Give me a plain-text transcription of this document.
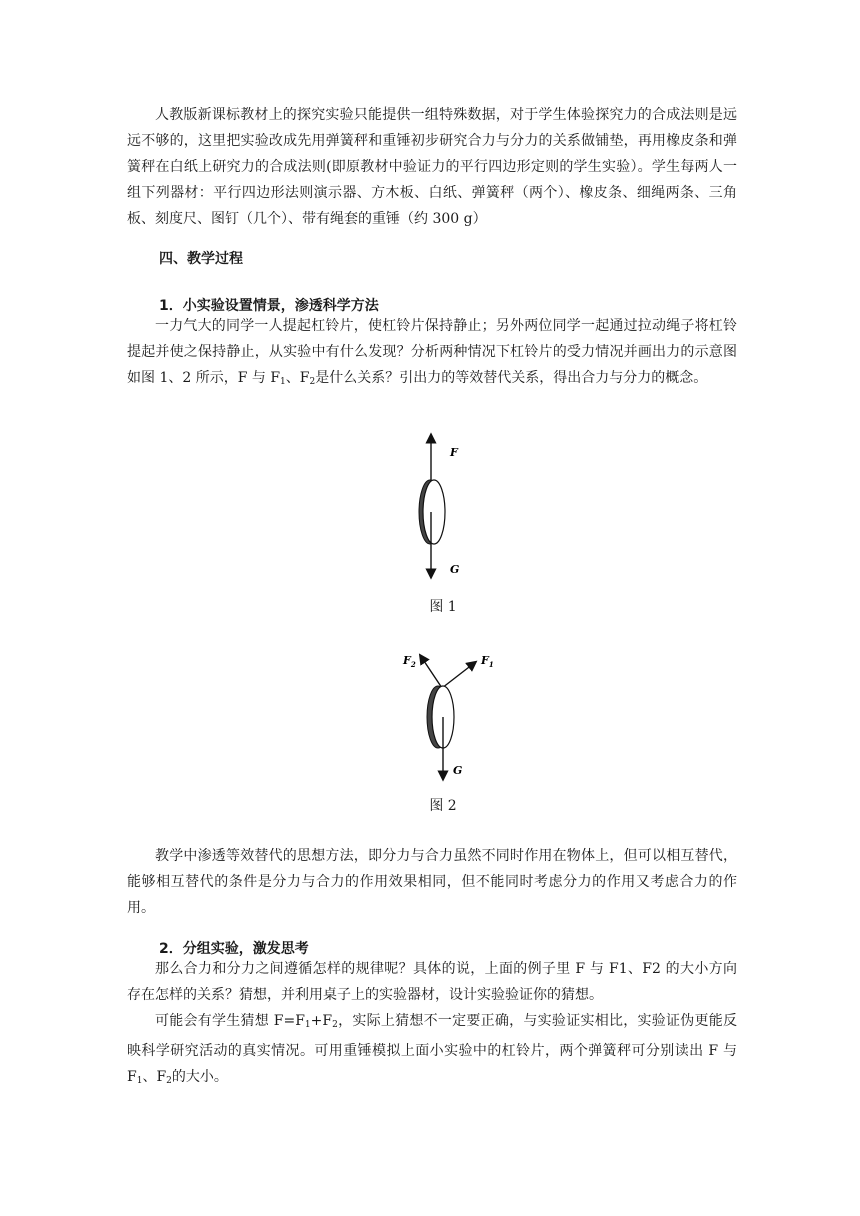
人教版新课标教材上的探究实验只能提供一组特殊数据，对于学生体验探究力的合成法则是远远不够的，这里把实验改成先用弹簧秤和重锤初步研究合力与分力的关系做铺垫，再用橡皮条和弹簧秤在白纸上研究力的合成法则(即原教材中验证力的平行四边形定则的学生实验）。学生每两人一组下列器材：平行四边形法则演示器、方木板、白纸、弹簧秤（两个）、橡皮条、细绳两条、三角板、刻度尺、图钉（几个）、带有绳套的重锤（约 300 g）

四、教学过程

1．小实验设置情景，渗透科学方法

一力气大的同学一人提起杠铃片，使杠铃片保持静止；另外两位同学一起通过拉动绳子将杠铃提起并使之保持静止，从实验中有什么发现？分析两种情况下杠铃片的受力情况并画出力的示意图如图 1、2 所示，F 与 $F_1$、$F_2$是什么关系？引出力的等效替代关系，得出合力与分力的概念。

F
G
图 1
$F_2$	$F_1$
G
图 2

教学中渗透等效替代的思想方法，即分力与合力虽然不同时作用在物体上，但可以相互替代，能够相互替代的条件是分力与合力的作用效果相同，但不能同时考虑分力的作用又考虑合力的作用。

2．分组实验，激发思考

那么合力和分力之间遵循怎样的规律呢？具体的说，上面的例子里 F 与 F1、F2 的大小方向存在怎样的关系？猜想，并利用桌子上的实验器材，设计实验验证你的猜想。

可能会有学生猜想 $F=F_1+F_2$，实际上猜想不一定要正确，与实验证实相比，实验证伪更能反映科学研究活动的真实情况。可用重锤模拟上面小实验中的杠铃片，两个弹簧秤可分别读出 F 与 $F_1$、$F_2$的大小。
